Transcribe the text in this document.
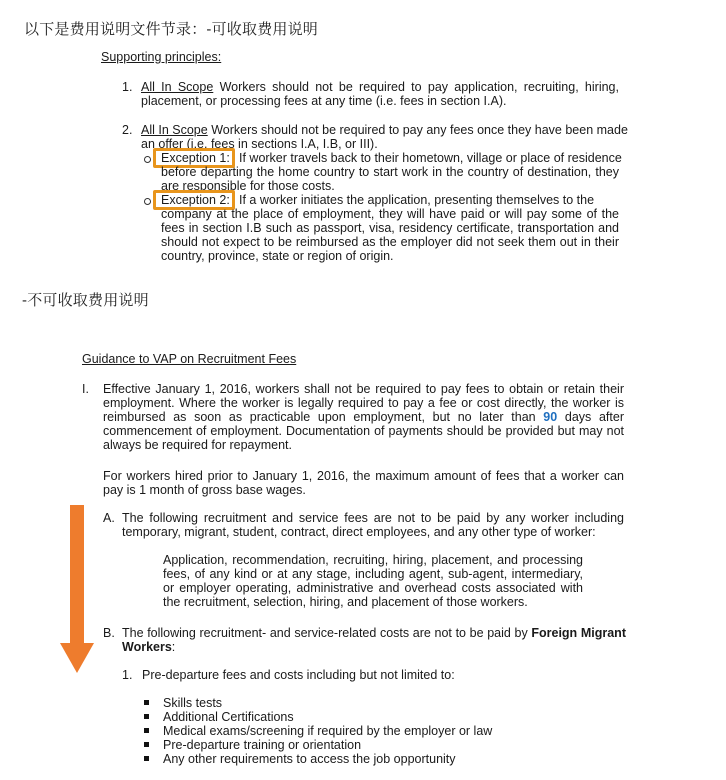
以下是费用说明文件节录：-可收取费用说明
Supporting principles:
1. All In Scope Workers should not be required to pay application, recruiting, hiring, placement, or processing fees at any time (i.e. fees in section I.A).
2. All In Scope Workers should not be required to pay any fees once they have been made
an offer (i.e. fees in sections I.A, I.B, or III).
Exception 1: If worker travels back to their hometown, village or place of residence
before departing the home country to start work in the country of destination, they are responsible for those costs.
Exception 2: If a worker initiates the application, presenting themselves to the
company at the place of employment, they will have paid or will pay some of the fees in section I.B such as passport, visa, residency certificate, transportation and should not expect to be reimbursed as the employer did not seek them out in their country, province, state or region of origin.
-不可收取费用说明
Guidance to VAP on Recruitment Fees
I. Effective January 1, 2016, workers shall not be required to pay fees to obtain or retain their employment. Where the worker is legally required to pay a fee or cost directly, the worker is reimbursed as soon as practicable upon employment, but no later than 90 days after commencement of employment. Documentation of payments should be provided but may not always be required for repayment.
For workers hired prior to January 1, 2016, the maximum amount of fees that a worker can pay is 1 month of gross base wages.
A. The following recruitment and service fees are not to be paid by any worker including temporary, migrant, student, contract, direct employees, and any other type of worker:
Application, recommendation, recruiting, hiring, placement, and processing fees, of any kind or at any stage, including agent, sub-agent, intermediary, or employer operating, administrative and overhead costs associated with the recruitment, selection, hiring, and placement of those workers.
B. The following recruitment- and service-related costs are not to be paid by Foreign Migrant Workers:
1. Pre-departure fees and costs including but not limited to:
Skills tests
Additional Certifications
Medical exams/screening if required by the employer or law
Pre-departure training or orientation
Any other requirements to access the job opportunity
